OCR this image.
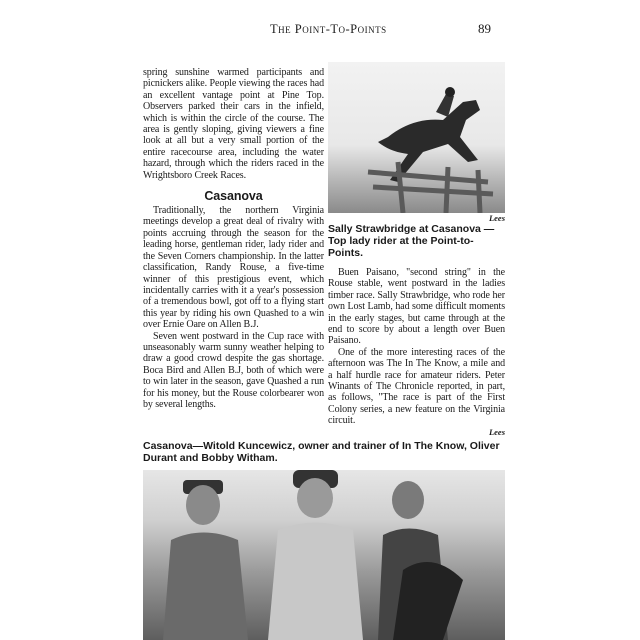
The Point-To-Points	89

spring sunshine warmed participants and picnickers alike. People viewing the races had an excellent vantage point at Pine Top. Observers parked their cars in the infield, which is within the circle of the course. The area is gently sloping, giving viewers a fine look at all but a very small portion of the entire racecourse area, including the water hazard, through which the riders raced in the Wrightsboro Creek Races.

Casanova

Traditionally, the northern Virginia meetings develop a great deal of rivalry with points accruing through the season for the leading horse, gentleman rider, lady rider and the Seven Corners championship. In the latter classification, Randy Rouse, a five-time winner of this prestigious event, which incidentally carries with it a year's possession of a tremendous bowl, got off to a flying start this year by riding his own Quashed to a win over Ernie Oare on Allen B.J.

Seven went postward in the Cup race with unseasonably warm sunny weather helping to draw a good crowd despite the gas shortage. Boca Bird and Allen B.J, both of which were to win later in the season, gave Quashed a run for his money, but the Rouse colorbearer won by several lengths.

Lees
Sally Strawbridge at Casanova — Top lady rider at the Point-to-Points.

Buen Paisano, "second string" in the Rouse stable, went postward in the ladies timber race. Sally Strawbridge, who rode her own Lost Lamb, had some difficult moments in the early stages, but came through at the end to score by about a length over Buen Paisano.

One of the more interesting races of the afternoon was The In The Know, a mile and a half hurdle race for amateur riders. Peter Winants of The Chronicle reported, in part, as follows, "The race is part of the First Colony series, a new feature on the Virginia circuit.

Lees
Casanova—Witold Kuncewicz, owner and trainer of In The Know, Oliver Durant and Bobby Witham.
